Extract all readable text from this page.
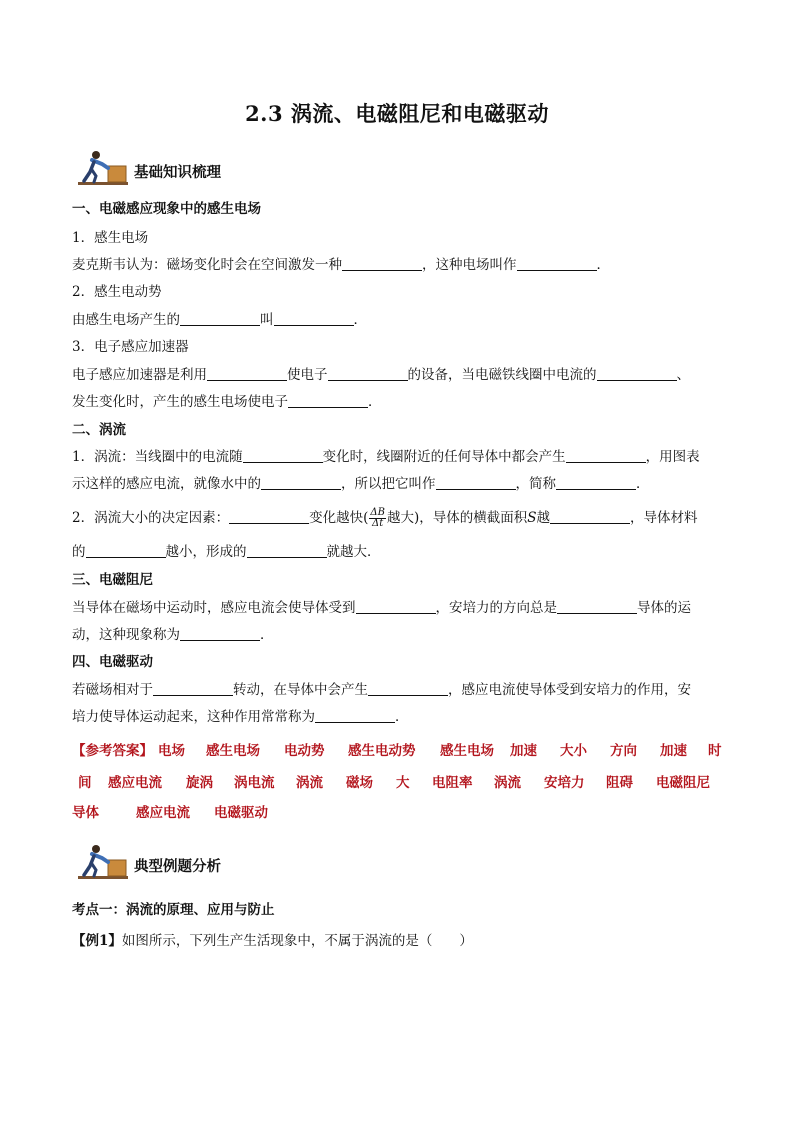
2.3 涡流、电磁阻尼和电磁驱动
基础知识梳理
一、电磁感应现象中的感生电场
1．感生电场
麦克斯韦认为：磁场变化时会在空间激发一种	，这种电场叫作	．
2．感生电动势
由感生电场产生的	叫	．
3．电子感应加速器
电子感应加速器是利用	使电子	的设备，当电磁铁线圈中电流的	、
发生变化时，产生的感生电场使电子	．
二、涡流
1．涡流：当线圈中的电流随	变化时，线圈附近的任何导体中都会产生	，用图表
示这样的感应电流，就像水中的	，所以把它叫作	，简称	．
2．涡流大小的决定因素：	变化越快( $\frac{\Delta B}{\Delta t}$ 越大)，导体的横截面积S越	，导体材料
的	越小，形成的	就越大．
三、电磁阻尼
当导体在磁场中运动时，感应电流会使导体受到	，安培力的方向总是	导体的运
动，这种现象称为	．
四、电磁驱动
若磁场相对于	转动，在导体中会产生	，感应电流使导体受到安培力的作用，安
培力使导体运动起来，这种作用常常称为	．
【参考答案】 电场 感生电场 电动势 感生电动势 感生电场 加速 大小 方向 加速 时
间 感应电流 旋涡 涡电流 涡流 磁场 大 电阻率 涡流 安培力 阻碍 电磁阻尼
导体	感应电流 电磁驱动
典型例题分析
考点一：涡流的原理、应用与防止
【例1】如图所示，下列生产生活现象中，不属于涡流的是（　　）
